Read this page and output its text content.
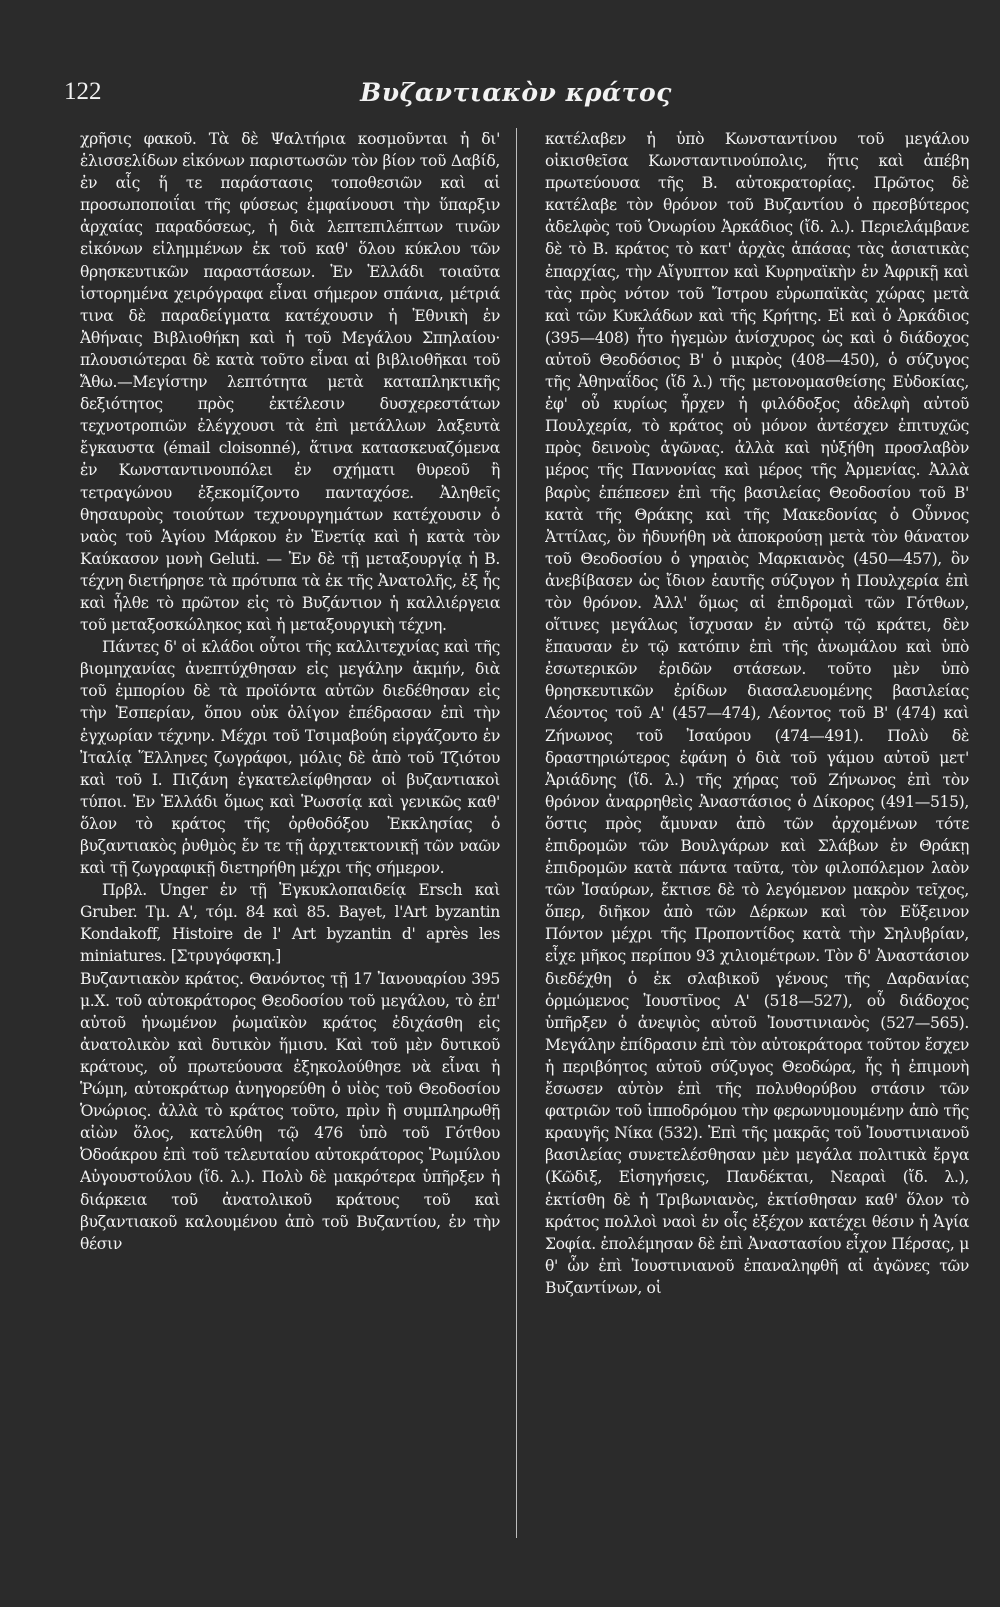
122	Βυζαντιακὸν κράτος

χρῆσις φακοῦ. Τὰ δὲ Ψαλτήρια κοσμοῦνται ἡ δι' ἑλισσελίδων εἰκόνων παριστωσῶν τὸν βίον τοῦ Δαβίδ, ἐν αἷς ἥ τε παράστασις τοποθεσιῶν καὶ αἱ προσωποποιΐαι τῆς φύσεως ἐμφαίνουσι τὴν ὕπαρξιν ἀρχαίας παραδόσεως, ἡ διὰ λεπτεπιλέπτων τινῶν εἰκόνων εἰλημμένων ἐκ τοῦ καθ' ὅλου κύκλου τῶν θρησκευτικῶν παραστάσεων. Ἐν Ἑλλάδι τοιαῦτα ἱστορημένα χειρόγραφα εἶναι σήμερον σπάνια, μέτριά τινα δὲ παραδείγματα κατέχουσιν ἡ Ἐθνικὴ ἐν Ἀθήναις Βιβλιοθήκη καὶ ἡ τοῦ Μεγάλου Σπηλαίου· πλουσιώτεραι δὲ κατὰ τοῦτο εἶναι αἱ βιβλιοθῆκαι τοῦ Ἄθω.—Μεγίστην λεπτότητα μετὰ καταπληκτικῆς δεξιότητος πρὸς ἐκτέλεσιν δυσχερεστάτων τεχνοτροπιῶν ἐλέγχουσι τὰ ἐπὶ μετάλλων λαξευτὰ ἔγκαυστα (émail cloisonné), ἅτινα κατασκευαζόμενα ἐν Κωνσταντινουπόλει ἐν σχήματι θυρεοῦ ἢ τετραγώνου ἐξεκομίζοντο πανταχόσε. Ἀληθεῖς θησαυροὺς τοιούτων τεχνουργημάτων κατέχουσιν ὁ ναὸς τοῦ Ἁγίου Μάρκου ἐν Ἑνετίᾳ καὶ ἡ κατὰ τὸν Καύκασον μονὴ Geluti. — Ἐν δὲ τῇ μεταξουργίᾳ ἡ Β. τέχνη διετήρησε τὰ πρότυπα τὰ ἐκ τῆς Ἀνατολῆς, ἐξ ἧς καὶ ἦλθε τὸ πρῶτον εἰς τὸ Βυζάντιον ἡ καλλιέργεια τοῦ μεταξοσκώληκος καὶ ἡ μεταξουργικὴ τέχνη.

Πάντες δ' οἱ κλάδοι οὗτοι τῆς καλλιτεχνίας καὶ τῆς βιομηχανίας ἀνεπτύχθησαν εἰς μεγάλην ἀκμήν, διὰ τοῦ ἐμπορίου δὲ τὰ προϊόντα αὐτῶν διεδέθησαν εἰς τὴν Ἑσπερίαν, ὅπου οὐκ ὀλίγον ἐπέδρασαν ἐπὶ τὴν ἐγχωρίαν τέχνην. Μέχρι τοῦ Τσιμαβούη εἰργάζοντο ἐν Ἰταλίᾳ Ἕλληνες ζωγράφοι, μόλις δὲ ἀπὸ τοῦ Τζιότου καὶ τοῦ Ι. Πιζάνη ἐγκατελείφθησαν οἱ βυζαντιακοὶ τύποι. Ἐν Ἑλλάδι ὅμως καὶ Ῥωσσίᾳ καὶ γενικῶς καθ' ὅλον τὸ κράτος τῆς ὀρθοδόξου Ἐκκλησίας ὁ βυζαντιακὸς ῥυθμὸς ἔν τε τῇ ἀρχιτεκτονικῇ τῶν ναῶν καὶ τῇ ζωγραφικῇ διετηρήθη μέχρι τῆς σήμερον.

Πρβλ. Unger ἐν τῇ Ἐγκυκλοπαιδείᾳ Ersch καὶ Gruber. Τμ. Α', τόμ. 84 καὶ 85. Bayet, l'Art byzantin Kondakoff, Histoire de l' Art byzantin d' après les miniatures. [Στρυγόφσκη.]

Βυζαντιακὸν κράτος. Θανόντος τῇ 17 Ἰανουαρίου 395 μ.Χ. τοῦ αὐτοκράτορος Θεοδοσίου τοῦ μεγάλου, τὸ ἐπ' αὐτοῦ ἡνωμένον ῥωμαϊκὸν κράτος ἐδιχάσθη εἰς ἀνατολικὸν καὶ δυτικὸν ἥμισυ. Καὶ τοῦ μὲν δυτικοῦ κράτους, οὗ πρωτεύουσα ἐξηκολούθησε νὰ εἶναι ἡ Ῥώμη, αὐτοκράτωρ ἀνηγορεύθη ὁ υἱὸς τοῦ Θεοδοσίου Ὁνώριος. ἀλλὰ τὸ κράτος τοῦτο, πρὶν ἢ συμπληρωθῇ αἰὼν ὅλος, κατελύθη τῷ 476 ὑπὸ τοῦ Γότθου Ὀδοάκρου ἐπὶ τοῦ τελευταίου αὐτοκράτορος Ῥωμύλου Αὐγουστούλου (ἴδ. λ.). Πολὺ δὲ μακρότερα ὑπῆρξεν ἡ διάρκεια τοῦ ἀνατολικοῦ κράτους τοῦ καὶ βυζαντιακοῦ καλουμένου ἀπὸ τοῦ Βυζαντίου, ἐν τὴν θέσιν

κατέλαβεν ἡ ὑπὸ Κωνσταντίνου τοῦ μεγάλου οἰκισθεῖσα Κωνσταντινούπολις, ἥτις καὶ ἀπέβη πρωτεύουσα τῆς Β. αὐτοκρατορίας. Πρῶτος δὲ κατέλαβε τὸν θρόνον τοῦ Βυζαντίου ὁ πρεσβύτερος ἀδελφὸς τοῦ Ὁνωρίου Ἀρκάδιος (ἴδ. λ.). Περιελάμβανε δὲ τὸ Β. κράτος τὸ κατ' ἀρχὰς ἁπάσας τὰς ἀσιατικὰς ἐπαρχίας, τὴν Αἴγυπτον καὶ Κυρηναϊκὴν ἐν Ἀφρικῇ καὶ τὰς πρὸς νότον τοῦ Ἴστρου εὐρωπαϊκὰς χώρας μετὰ καὶ τῶν Κυκλάδων καὶ τῆς Κρήτης. Εἰ καὶ ὁ Ἀρκάδιος (395—408) ἦτο ἡγεμὼν ἀνίσχυρος ὡς καὶ ὁ διάδοχος αὐτοῦ Θεοδόσιος Β' ὁ μικρὸς (408—450), ὁ σύζυγος τῆς Ἀθηναΐδος (ἴδ λ.) τῆς μετονομασθείσης Εὐδοκίας, ἐφ' οὗ κυρίως ἦρχεν ἡ φιλόδοξος ἀδελφὴ αὐτοῦ Πουλχερία, τὸ κράτος οὐ μόνον ἀντέσχεν ἐπιτυχῶς πρὸς δεινοὺς ἀγῶνας. ἀλλὰ καὶ ηὐξήθη προσλαβὸν μέρος τῆς Παννονίας καὶ μέρος τῆς Ἀρμενίας. Ἀλλὰ βαρὺς ἐπέπεσεν ἐπὶ τῆς βασιλείας Θεοδοσίου τοῦ Β' κατὰ τῆς Θράκης καὶ τῆς Μακεδονίας ὁ Οὖννος Ἀττίλας, ὃν ἠδυνήθη νὰ ἀποκρούσῃ μετὰ τὸν θάνατον τοῦ Θεοδοσίου ὁ γηραιὸς Μαρκιανὸς (450—457), ὃν ἀνεβίβασεν ὡς ἴδιον ἑαυτῆς σύζυγον ἡ Πουλχερία ἐπὶ τὸν θρόνον. Ἀλλ' ὅμως αἱ ἐπιδρομαὶ τῶν Γότθων, οἵτινες μεγάλως ἴσχυσαν ἐν αὐτῷ τῷ κράτει, δὲν ἔπαυσαν ἐν τῷ κατόπιν ἐπὶ τῆς ἀνωμάλου καὶ ὑπὸ ἐσωτερικῶν ἐριδῶν στάσεων. τοῦτο μὲν ὑπὸ θρησκευτικῶν ἐρίδων διασαλευομένης βασιλείας Λέοντος τοῦ Α' (457—474), Λέοντος τοῦ Β' (474) καὶ Ζήνωνος τοῦ Ἰσαύρου (474—491). Πολὺ δὲ δραστηριώτερος ἐφάνη ὁ διὰ τοῦ γάμου αὐτοῦ μετ' Ἀριάδνης (ἴδ. λ.) τῆς χήρας τοῦ Ζήνωνος ἐπὶ τὸν θρόνον ἀναρρηθεὶς Ἀναστάσιος ὁ Δίκορος (491—515), ὅστις πρὸς ἄμυναν ἀπὸ τῶν ἀρχομένων τότε ἐπιδρομῶν τῶν Βουλγάρων καὶ Σλάβων ἐν Θράκῃ ἐπιδρομῶν κατὰ πάντα ταῦτα, τὸν φιλοπόλεμον λαὸν τῶν Ἰσαύρων, ἔκτισε δὲ τὸ λεγόμενον μακρὸν τεῖχος, ὅπερ, διῆκον ἀπὸ τῶν Δέρκων καὶ τὸν Εὔξεινον Πόντον μέχρι τῆς Προποντίδος κατὰ τὴν Σηλυβρίαν, εἶχε μῆκος περίπου 93 χιλιομέτρων. Τὸν δ' Ἀναστάσιον διεδέχθη ὁ ἐκ σλαβικοῦ γένους τῆς Δαρδανίας ὁρμώμενος Ἰουστῖνος Α' (518—527), οὗ διάδοχος ὑπῆρξεν ὁ ἀνεψιὸς αὐτοῦ Ἰουστινιανὸς (527—565). Μεγάλην ἐπίδρασιν ἐπὶ τὸν αὐτοκράτορα τοῦτον ἔσχεν ἡ περιβόητος αὐτοῦ σύζυγος Θεοδώρα, ἧς ἡ ἐπιμονὴ ἔσωσεν αὐτὸν ἐπὶ τῆς πολυθορύβου στάσιν τῶν φατριῶν τοῦ ἱπποδρόμου τὴν φερωνυμουμένην ἀπὸ τῆς κραυγῆς Νίκα (532). Ἐπὶ τῆς μακρᾶς τοῦ Ἰουστινιανοῦ βασιλείας συνετελέσθησαν μὲν μεγάλα πολιτικὰ ἔργα (Κῶδιξ, Εἰσηγήσεις, Πανδέκται, Νεαραὶ (ἴδ. λ.), ἐκτίσθη δὲ ἡ Τριβωνιανὸς, ἐκτίσθησαν καθ' ὅλον τὸ κράτος πολλοὶ ναοὶ ἐν οἷς ἐξέχον κατέχει θέσιν ἡ Ἁγία Σοφία. ἐπολέμησαν δὲ ἐπὶ Ἀναστασίου εἶχον Πέρσας, μ θ' ὧν ἐπὶ Ἰουστινιανοῦ ἐπαναληφθῆ αἱ ἀγῶνες τῶν Βυζαντίνων, οἱ
